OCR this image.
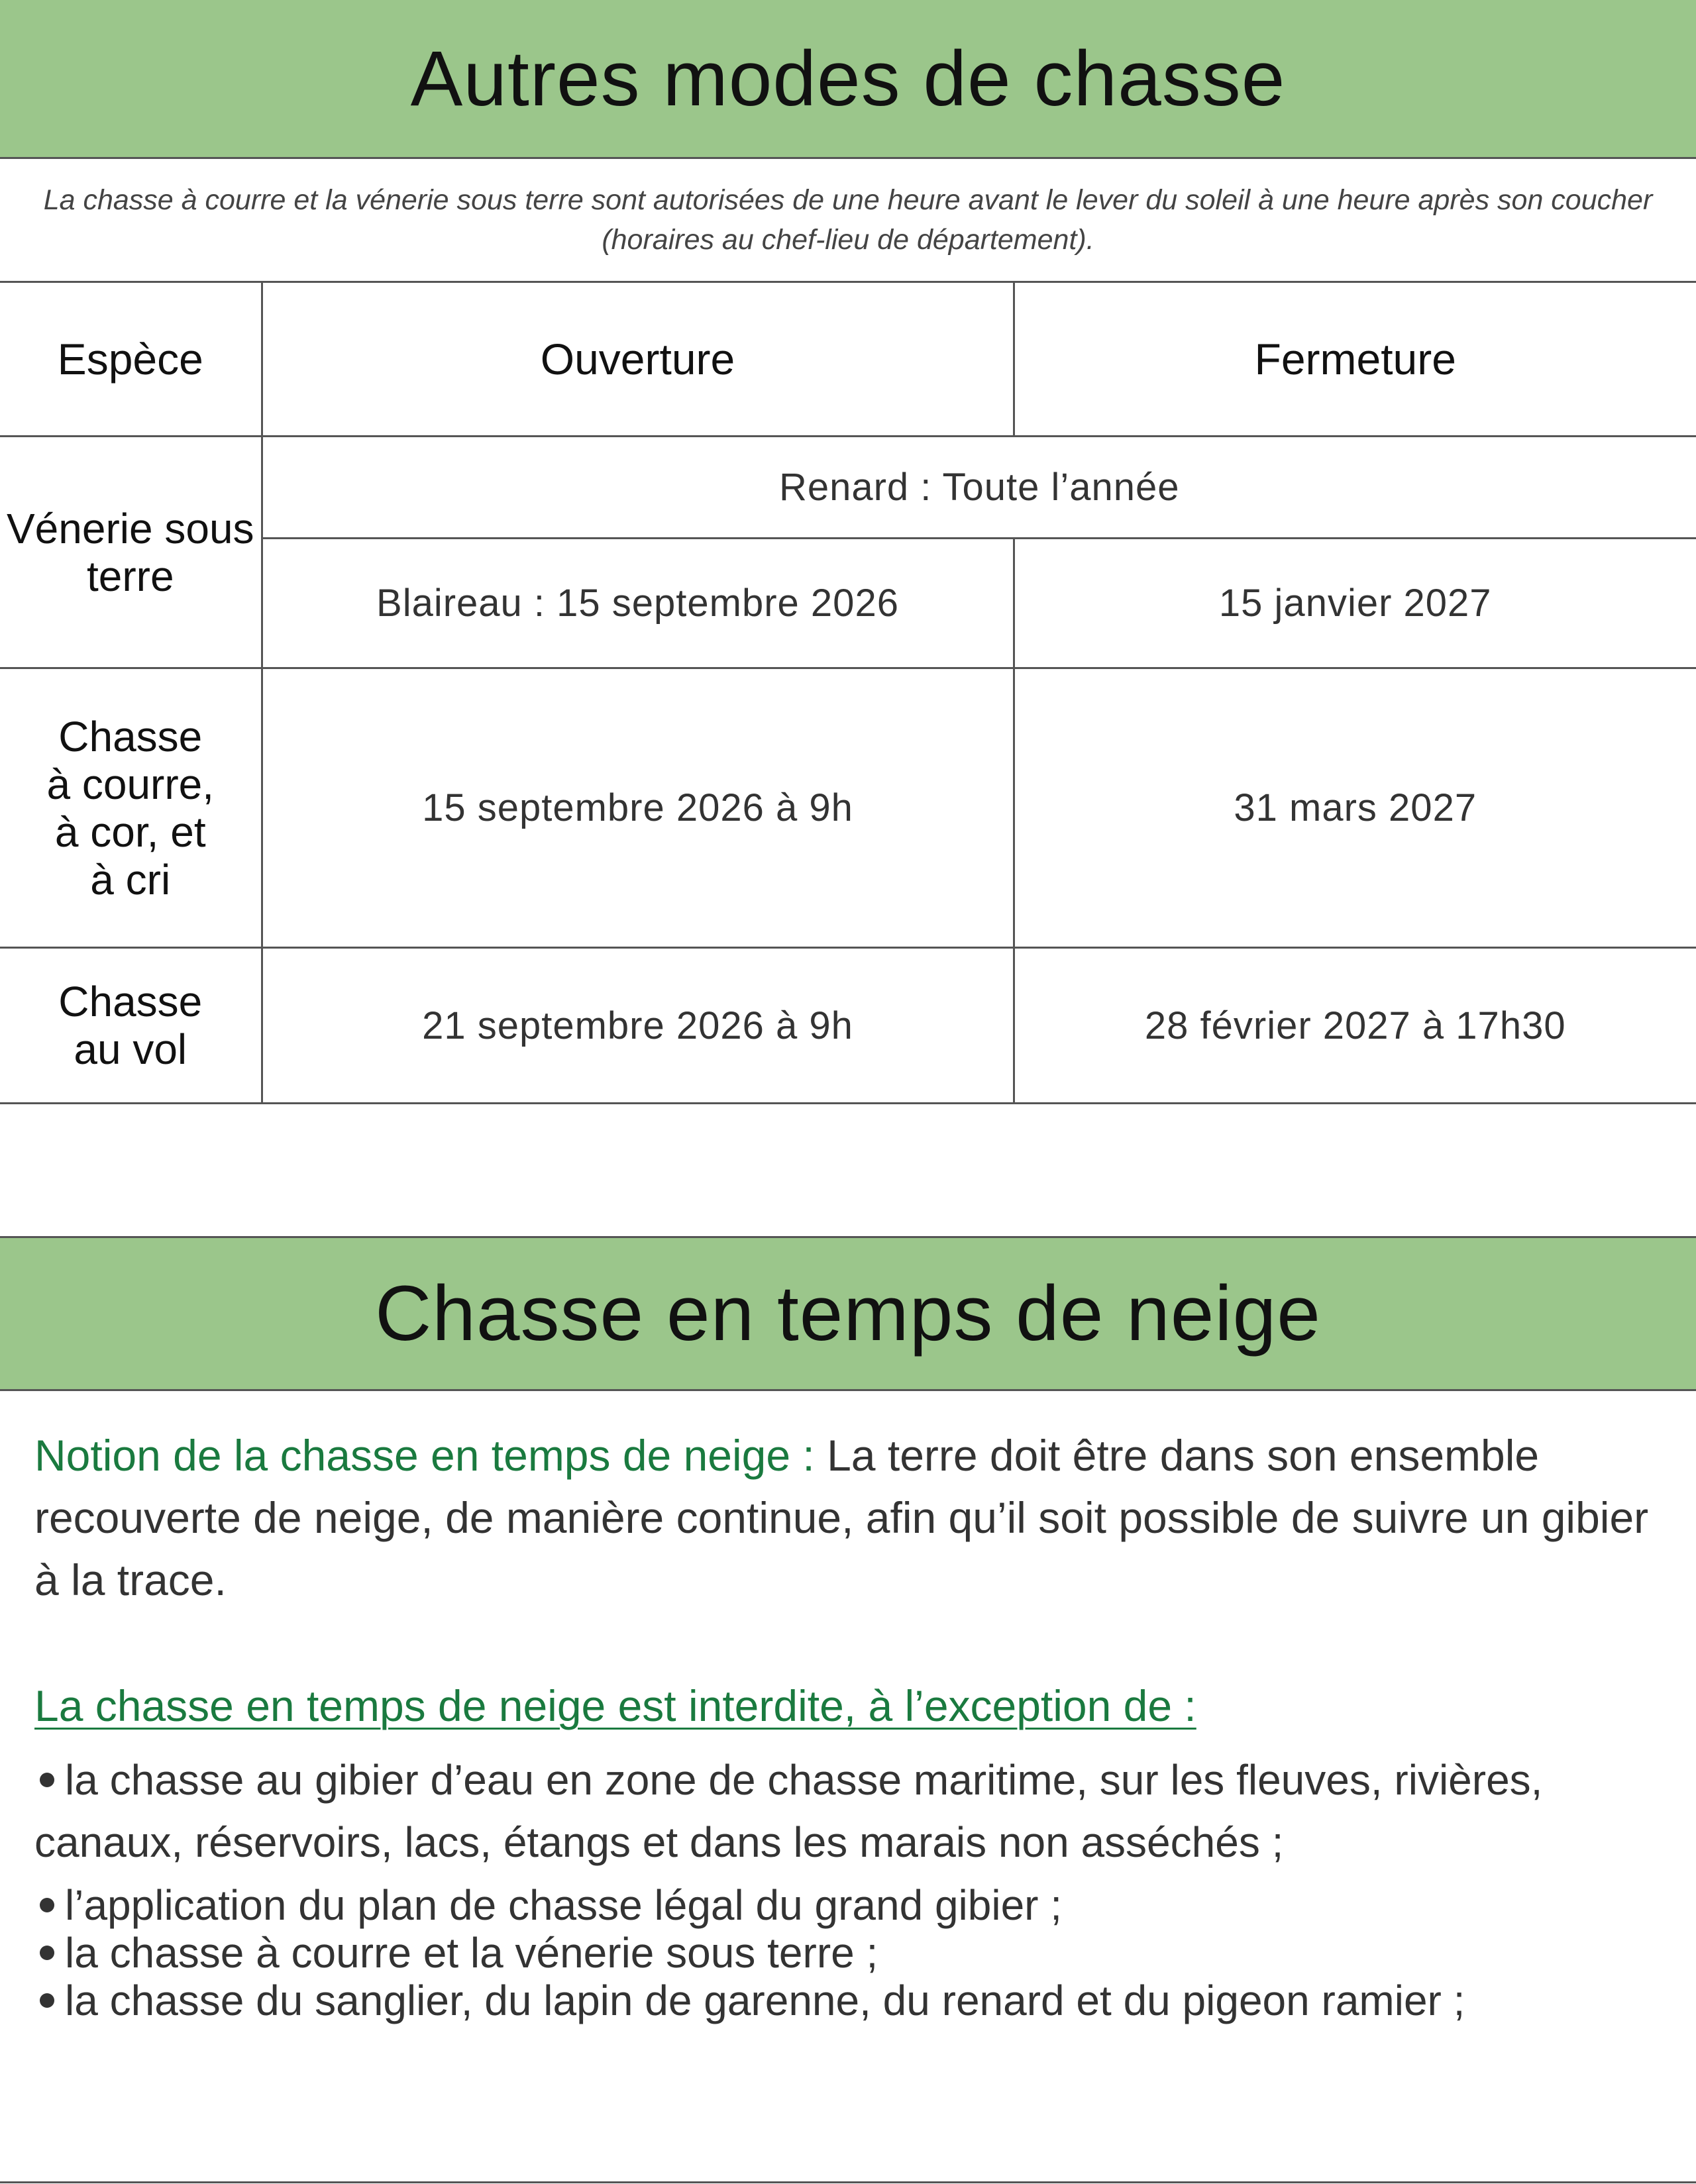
Autres modes de chasse
La chasse à courre et la vénerie sous terre sont autorisées de une heure avant le lever du soleil à une heure après son coucher (horaires au chef-lieu de département).
Espèce	Ouverture	Fermeture
Vénerie sous terre	Renard : Toute l’année	
	Blaireau : 15 septembre 2026	15 janvier 2027

Chasse à courre, à cor, et à cri	15 septembre 2026 à 9h	31 mars 2027

Chasse au vol	21 septembre 2026 à 9h	28 février 2027 à 17h30
Chasse en temps de neige
Notion de la chasse en temps de neige : La terre doit être dans son ensemble recouverte de neige, de manière continue, afin qu’il soit possible de suivre un gibier à la trace.
La chasse en temps de neige est interdite, à l’exception de :
la chasse au gibier d’eau en zone de chasse maritime, sur les fleuves, rivières, canaux, réservoirs, lacs, étangs et dans les marais non asséchés ;
l’application du plan de chasse légal du grand gibier ;
la chasse à courre et la vénerie sous terre ;
la chasse du sanglier, du lapin de garenne, du renard et du pigeon ramier ;
